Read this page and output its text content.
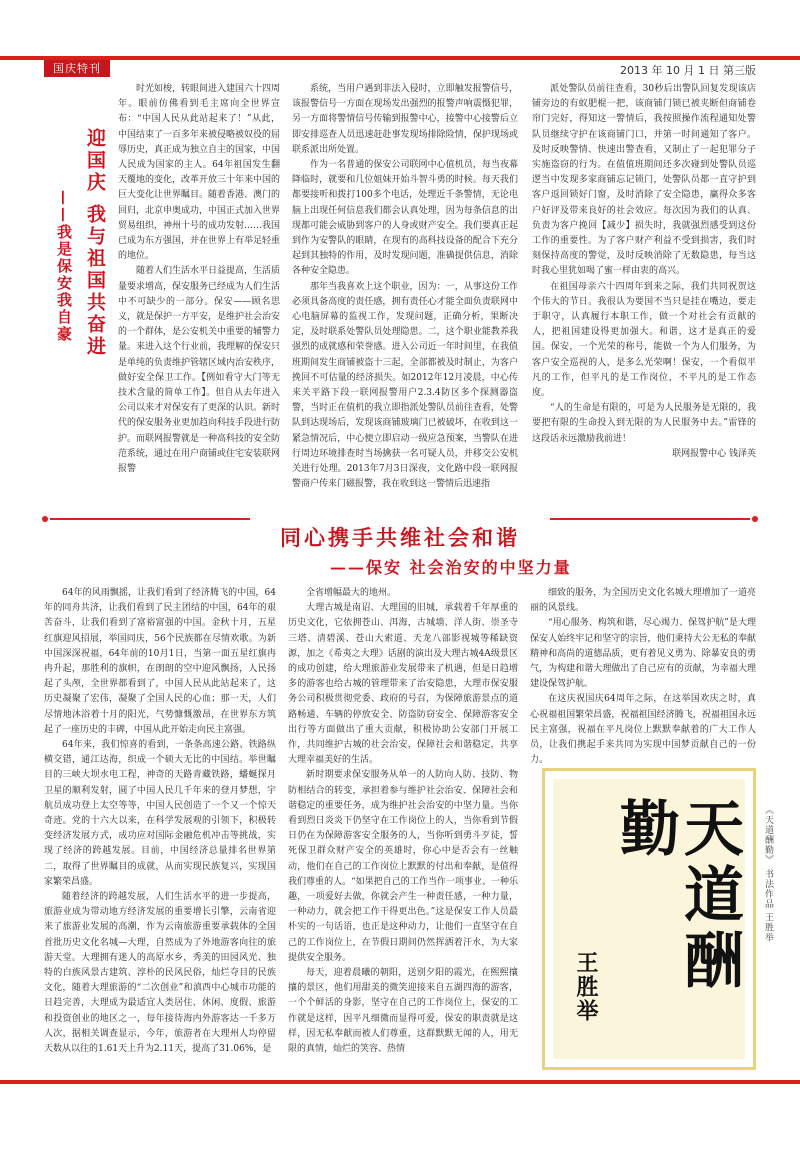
国庆特刊	2013 年 10 月 1 日 第三版
迎国庆 我与祖国共奋进
——我是保安我自豪

时光如梭，转眼间进入建国六十四周年。眼前仿佛看到毛主席向全世界宣布：“中国人民从此站起来了！”从此，中国结束了一百多年来被侵略被奴役的屈辱历史，真正成为独立自主的国家，中国人民成为国家的主人。64年祖国发生翻天覆地的变化，改革开放三十年来中国的巨大变化让世界瞩目。随着香港、澳门的回归，北京申奥成功，中国正式加入世界贸易组织，神州十号的成功发射……我国已成为东方强国，并在世界上有举足轻重的地位。

随着人们生活水平日益提高，生活质量要求增高，保安服务已经成为人们生活中不可缺少的一部分。保安——顾名思义，就是保护一方平安，是维护社会治安的一个群体，是公安机关中重要的辅警力量。来进入这个行业前，我理解的保安只是单纯的负责维护管辖区域内治安秩序，做好安全保卫工作。【例如看守大门等无技术含量的简单工作】。但自从去年进入公司以来才对保安有了更深的认识。新时代的保安服务业更加趋向科技手段进行防护。而联网报警就是一种高科技的安全防范系统，通过在用户商铺或住宅安装联网报警

系统，当用户遇到非法入侵时，立即触发报警信号，该报警信号一方面在现场发出强烈的报警声响震慑犯罪，另一方面将警情信号传输到报警中心，接警中心接警后立即安排巡查人员迅速赶赴事发现场排除险情，保护现场或联系派出所处置。

作为一名普通的保安公司联网中心值机员，每当夜幕降临时，就要和几位姐妹开始斗智斗勇的时候。每天我们都要接听和拨打100多个电话，处理近千条警情，无论电脑上出现任何信息我们都会认真处理，因为每条信息的出现都可能会威胁到客户的人身或财产安全。我们要真正起到作为安警队的眼睛，在现有的高科技设备的配合下充分起到其独特的作用，及时发现问题，准确提供信息，消除各种安全隐患。

那年当我喜欢上这个职业，因为：一，从事这份工作必须具备高度的责任感，拥有责任心才能全面负责联网中心电脑屏幕的监视工作，发现问题，正确分析，果断决定，及时联系处警队员处理隐患。二，这个职业能教养我强烈的成就感和荣誉感。进入公司近一年时间里，在我值班期间发生商铺被盗十三起，全部都被及时制止，为客户挽回不可估量的经济损失。如2012年12月凌晨，中心传来关平路下段一联网报警用户2.3.4防区多个探测器盗警，当时正在值机的我立即指派处警队员前往查看，处警队到达现场后，发现该商铺玻璃门已被破坏，在收到这一紧急情况后，中心便立即启动一级应急预案，当警队在进行周边环境排查时当场擒获一名可疑人员，并移交公安机关进行处理。2013年7月3日深夜，文化路中段一联网报警商户传来门磁报警，我在收到这一警情后迅速指

派处警队员前往查看，30秒后出警队回复发现该店铺旁边的有蚁肥棍一把，该商铺门锁已被夹断但商铺卷帘门完好，得知这一警情后，我按照操作流程通知处警队员继续守护在该商铺门口，并第一时间通知了客户。及时反映警情、快速出警查看，又制止了一起犯罪分子实施盗窃的行为。在值值班期间还多次碰到处警队员巡逻当中发现多家商铺忘记锁门，处警队员都一直守护到客户返回锁好门窗，及时消除了安全隐患，赢得众多客户好评及带来良好的社会效应。每次因为我们的认真、负责为客户挽回【减少】损失时，我就强烈感受到这份工作的重要性。为了客户财产利益不受到损害，我们时刻保持高度的警觉，及时反映消除了无数隐患，每当这时我心里犹如喝了蜜一样由衷的高兴。

在祖国母亲六十四周年到来之际，我们共同祝贺这个伟大的节日。我很认为要国不当只是挂在嘴边，要走于职守，认真履行本职工作，做一个对社会有贡献的人，把祖国建设得更加强大。和谐，这才是真正的爱国。保安，一个光荣的称号，能做一个为人们服务，为客户安全巡视的人，是多么光荣啊！保安，一个看似平凡的工作，但平凡的是工作岗位，不平凡的是工作态度。

“人的生命是有限的，可是为人民服务是无限的，我要把有限的生命投入到无限的为人民服务中去。”雷锋的这段话永远激励我前进！

联网报警中心 钱泽英

同心携手共维社会和谐
——保安 社会治安的中坚力量

64年的风雨飘摇，让我们看到了经济腾飞的中国，64年的同舟共济，让我们看到了民主团结的中国，64年的艰苦奋斗，让我们看到了富裕富强的中国。金秋十月，五星红旗迎风招展，举国同庆，56个民族都在尽情欢歌。为新中国深深祝福，64年前的10月1日，当第一面五星红旗冉冉升起，那胜利的旗帜，在朗朗的空中迎风飘扬，人民扬起了头颅，全世界都看到了，中国人民从此站起来了，这历史凝聚了宏伟，凝聚了全国人民的心血；那一天，人们尽情地沐浴着十月的阳光，气势慷慨激昂，在世界东方筑起了一座历史的丰碑，中国从此开始走向民主富强。

64年来，我们惊喜的看到，一条条高速公路、铁路纵横交错，通江达海，织成一个硕大无比的中国结。举世瞩目的三峡大坝水电工程，神奇的天路青藏铁路，蟠蜒探月卫星的顺利发射，圆了中国人民几千年来的登月梦想，宇航员成功登上太空等等，中国人民创造了一个又一个惊天奇迹。党的十六大以来，在科学发展观的引领下，积极转变经济发展方式，成功应对国际金融危机冲击等挑战，实现了经济的跨越发展。目前，中国经济总量排名世界第二，取得了世界瞩目的成就，从而实现民族复兴，实现国家繁荣昌盛。

随着经济的跨越发展，人们生活水平的进一步提高，旅游业成为带动地方经济发展的重要增长引擎，云南省迎来了旅游业发展的高潮，作为云南旅游重要承载体的全国首批历史文化名城—大理，自然成为了外地游客向往的旅游天堂。大理拥有迷人的高原水乡，秀美的田园风光、独特的白族风景古建筑、淳朴的民风民俗，灿烂夺目的民族文化，随着大理旅游的“二次创业”和滇西中心城市功能的日趋完善，大理成为最适宜人类居住、休闲、度假、旅游和投资创业的地区之一，每年接待海内外游客达一千多万人次，据相关调查显示，今年，旅游者在大理州人均停留天数从以往的1.61天上升为2.11天，提高了31.06%，是

全省增幅最大的地州。

大理古城是南诏、大理国的旧城，承载着千年厚重的历史文化，它依拥苍山、洱海，古城墙、洋人街、崇圣寺三塔、清碧溪、苍山大索道、天龙八部影视城等稀缺资源，加之《希夷之大理》话剧的演出及大理古城4A级景区的成功创建，给大理旅游业发展带来了机遇，但是日趋增多的游客也给古城的管理带来了治安隐患，大理市保安服务公司积极贯彻党委、政府的号召，为保障旅游景点的道路畅通、车辆的停放安全、防盗防窃安全、保障游客安全出行等方面做出了重大贡献，积极协助公安部门开展工作，共同维护古城的社会治安，保障社会和谐稳定，共享大理幸福美好的生活。

新时期要求保安服务从单一的人防向人防、技防、物防相结合的转变，承担着参与维护社会治安、保障社会和谐稳定的重要任务，成为维护社会治安的中坚力量。当你看到烈日炎炎下仍坚守在工作岗位上的人，当你看到节假日仍在为保障游客安全服务的人，当你听到勇斗歹徒，誓死保卫群众财产安全的英雄时，你心中是否会有一丝触动，他们在自己的工作岗位上默默的付出和奉献，是值得我们尊重的人。“如果把自己的工作当作一项事业、一种乐趣，一项爱好去做，你就会产生一种责任感，一种力量，一种动力，就会把工作干得更出色。”这是保安工作人员最朴实的一句话语，也正是这种动力，让他们一直坚守在自己的工作岗位上，在节假日期间仍然挥洒着汗水，为大家提供安全服务。

每天，迎着晨曦的朝阳，送别夕阳的霞光，在熙熙攘攘的景区，他们用甜美的微笑迎接来自五湖四海的游客，一个个鲜活的身影，坚守在自己的工作岗位上，保安的工作就是这样，因平凡细微而显得可爱，保安的职责就是这样，因无私奉献而被人们尊重，这群默默无闻的人，用无限的真情，灿烂的笑容、热情

细致的服务，为全国历史文化名城大理增加了一道亮丽的风景线。

“用心服务、构筑和谐，尽心竭力、保驾护航”是大理保安人始终牢记和坚守的宗旨，他们秉持大公无私的奉献精神和高尚的道德品质，更有着见义勇为、除暴安良的勇气，为构建和谐大理做出了自己应有的贡献，为幸福大理建设保驾护航。

在这庆祝国庆64周年之际，在这举国欢庆之时，真心祝福祖国繁荣昌盛，祝福祖国经济腾飞，祝福祖国永远民主富强，祝福在平凡岗位上默默奉献着的广大工作人员，让我们携起手来共同为实现中国梦贡献自己的一份力。

天道酬勤
王胜举
《天道酬勤》 书法作品 王胜举
